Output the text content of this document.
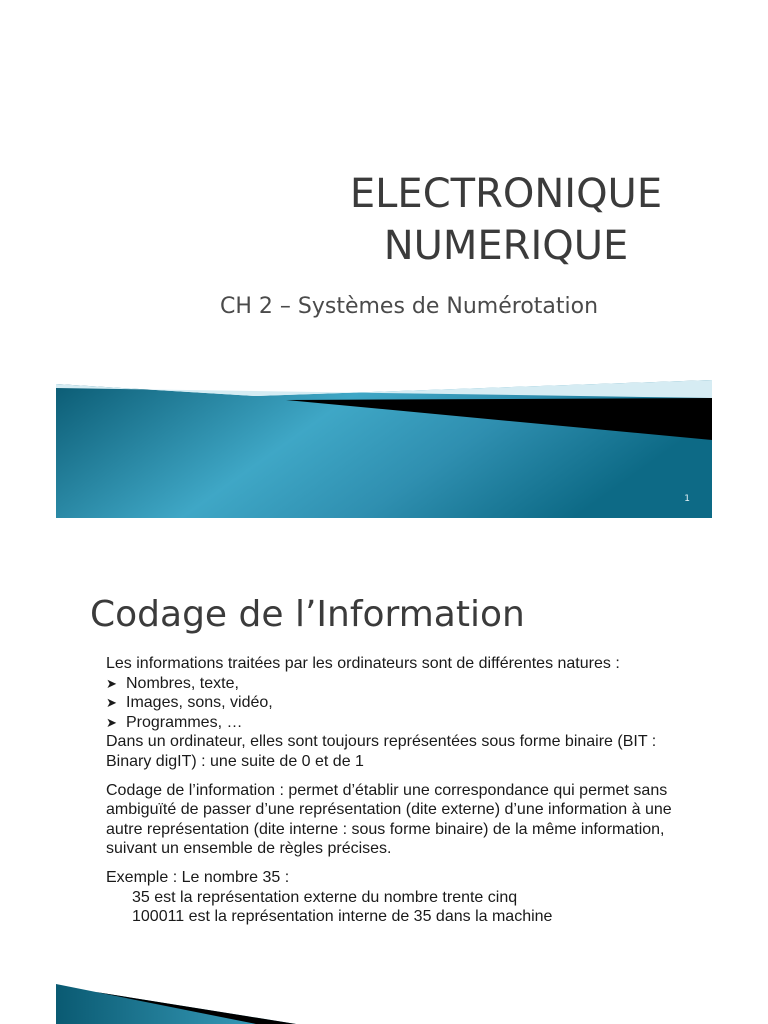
ELECTRONIQUE
NUMERIQUE
CH 2 – Systèmes de Numérotation
1
Codage de l’Information

Les informations traitées par les ordinateurs sont de différentes natures :

➤ Nombres, texte,
➤ Images, sons, vidéo,
➤ Programmes, …

Dans un ordinateur, elles sont toujours représentées sous forme binaire (BIT : Binary digIT) : une suite de 0 et de 1

Codage de l’information : permet d’établir une correspondance qui permet sans ambiguïté de passer d’une représentation (dite externe) d’une information à une autre représentation (dite interne : sous forme binaire) de la même information, suivant un ensemble de règles précises.

Exemple : Le nombre 35 :

35 est la représentation externe du nombre trente cinq

100011 est la représentation interne de 35 dans la machine
